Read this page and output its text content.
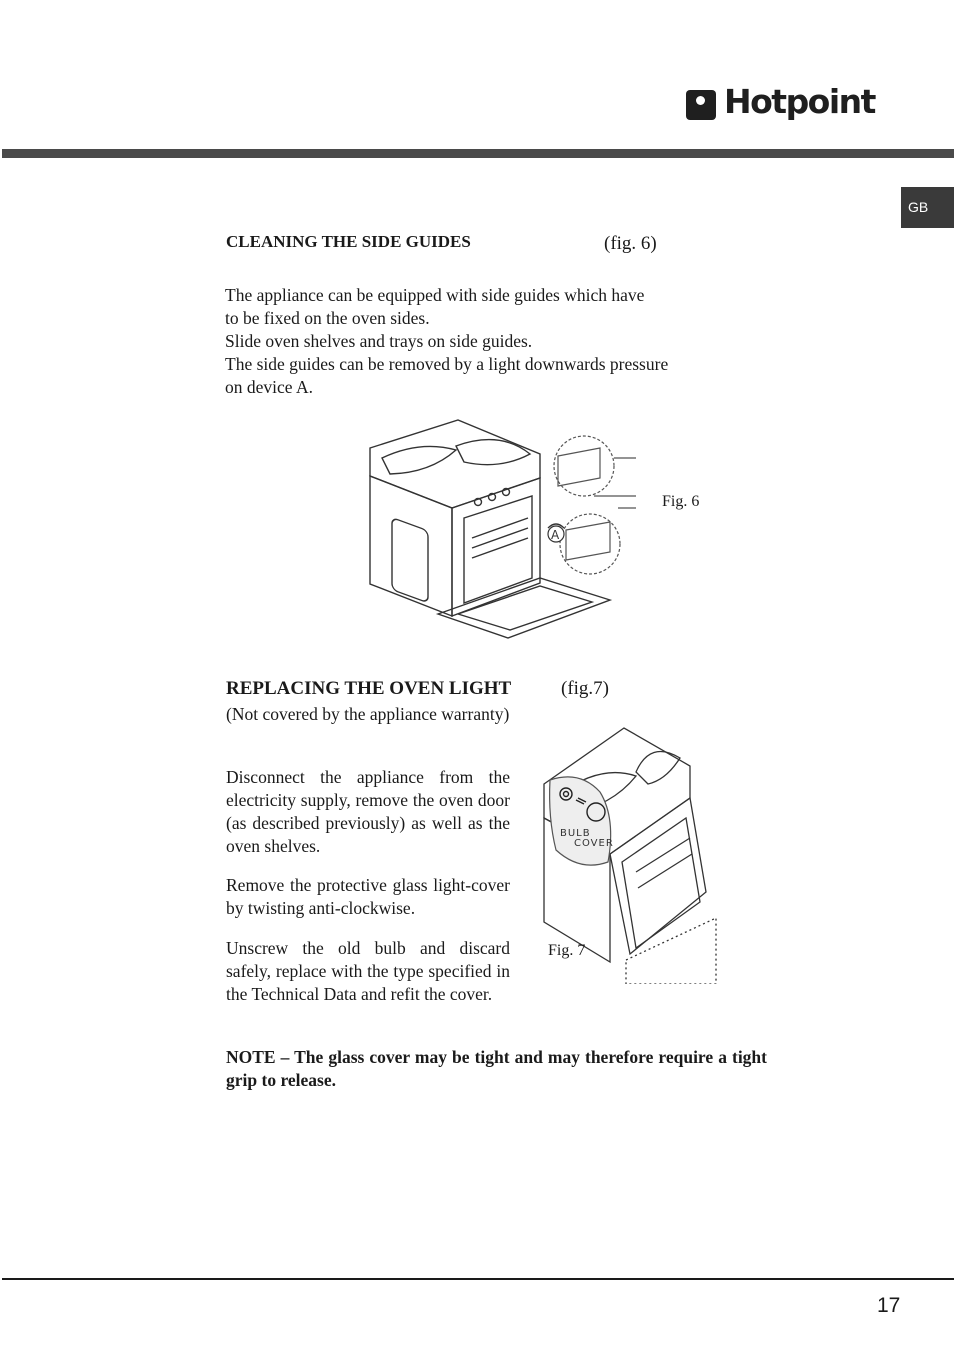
Hotpoint
GB
CLEANING THE SIDE GUIDES	(fig. 6)
The appliance can be equipped with side guides which have
to be fixed on the oven sides.
Slide oven shelves and trays on side guides.
The side guides can be removed by a light downwards pressure
on device A.
A
Fig. 6
REPLACING THE OVEN LIGHT	(fig.7)
(Not covered by the appliance warranty)
Disconnect the appliance from the electricity supply, remove the oven door (as described previously) as well as the oven shelves.
Remove the protective glass light-cover by twisting anti-clockwise.
Unscrew the old bulb and discard safely, replace with the type specified in the Technical Data and refit the cover.
BULB
COVER
Fig. 7
NOTE – The glass cover may be tight and may therefore require a tight grip to release.
17
